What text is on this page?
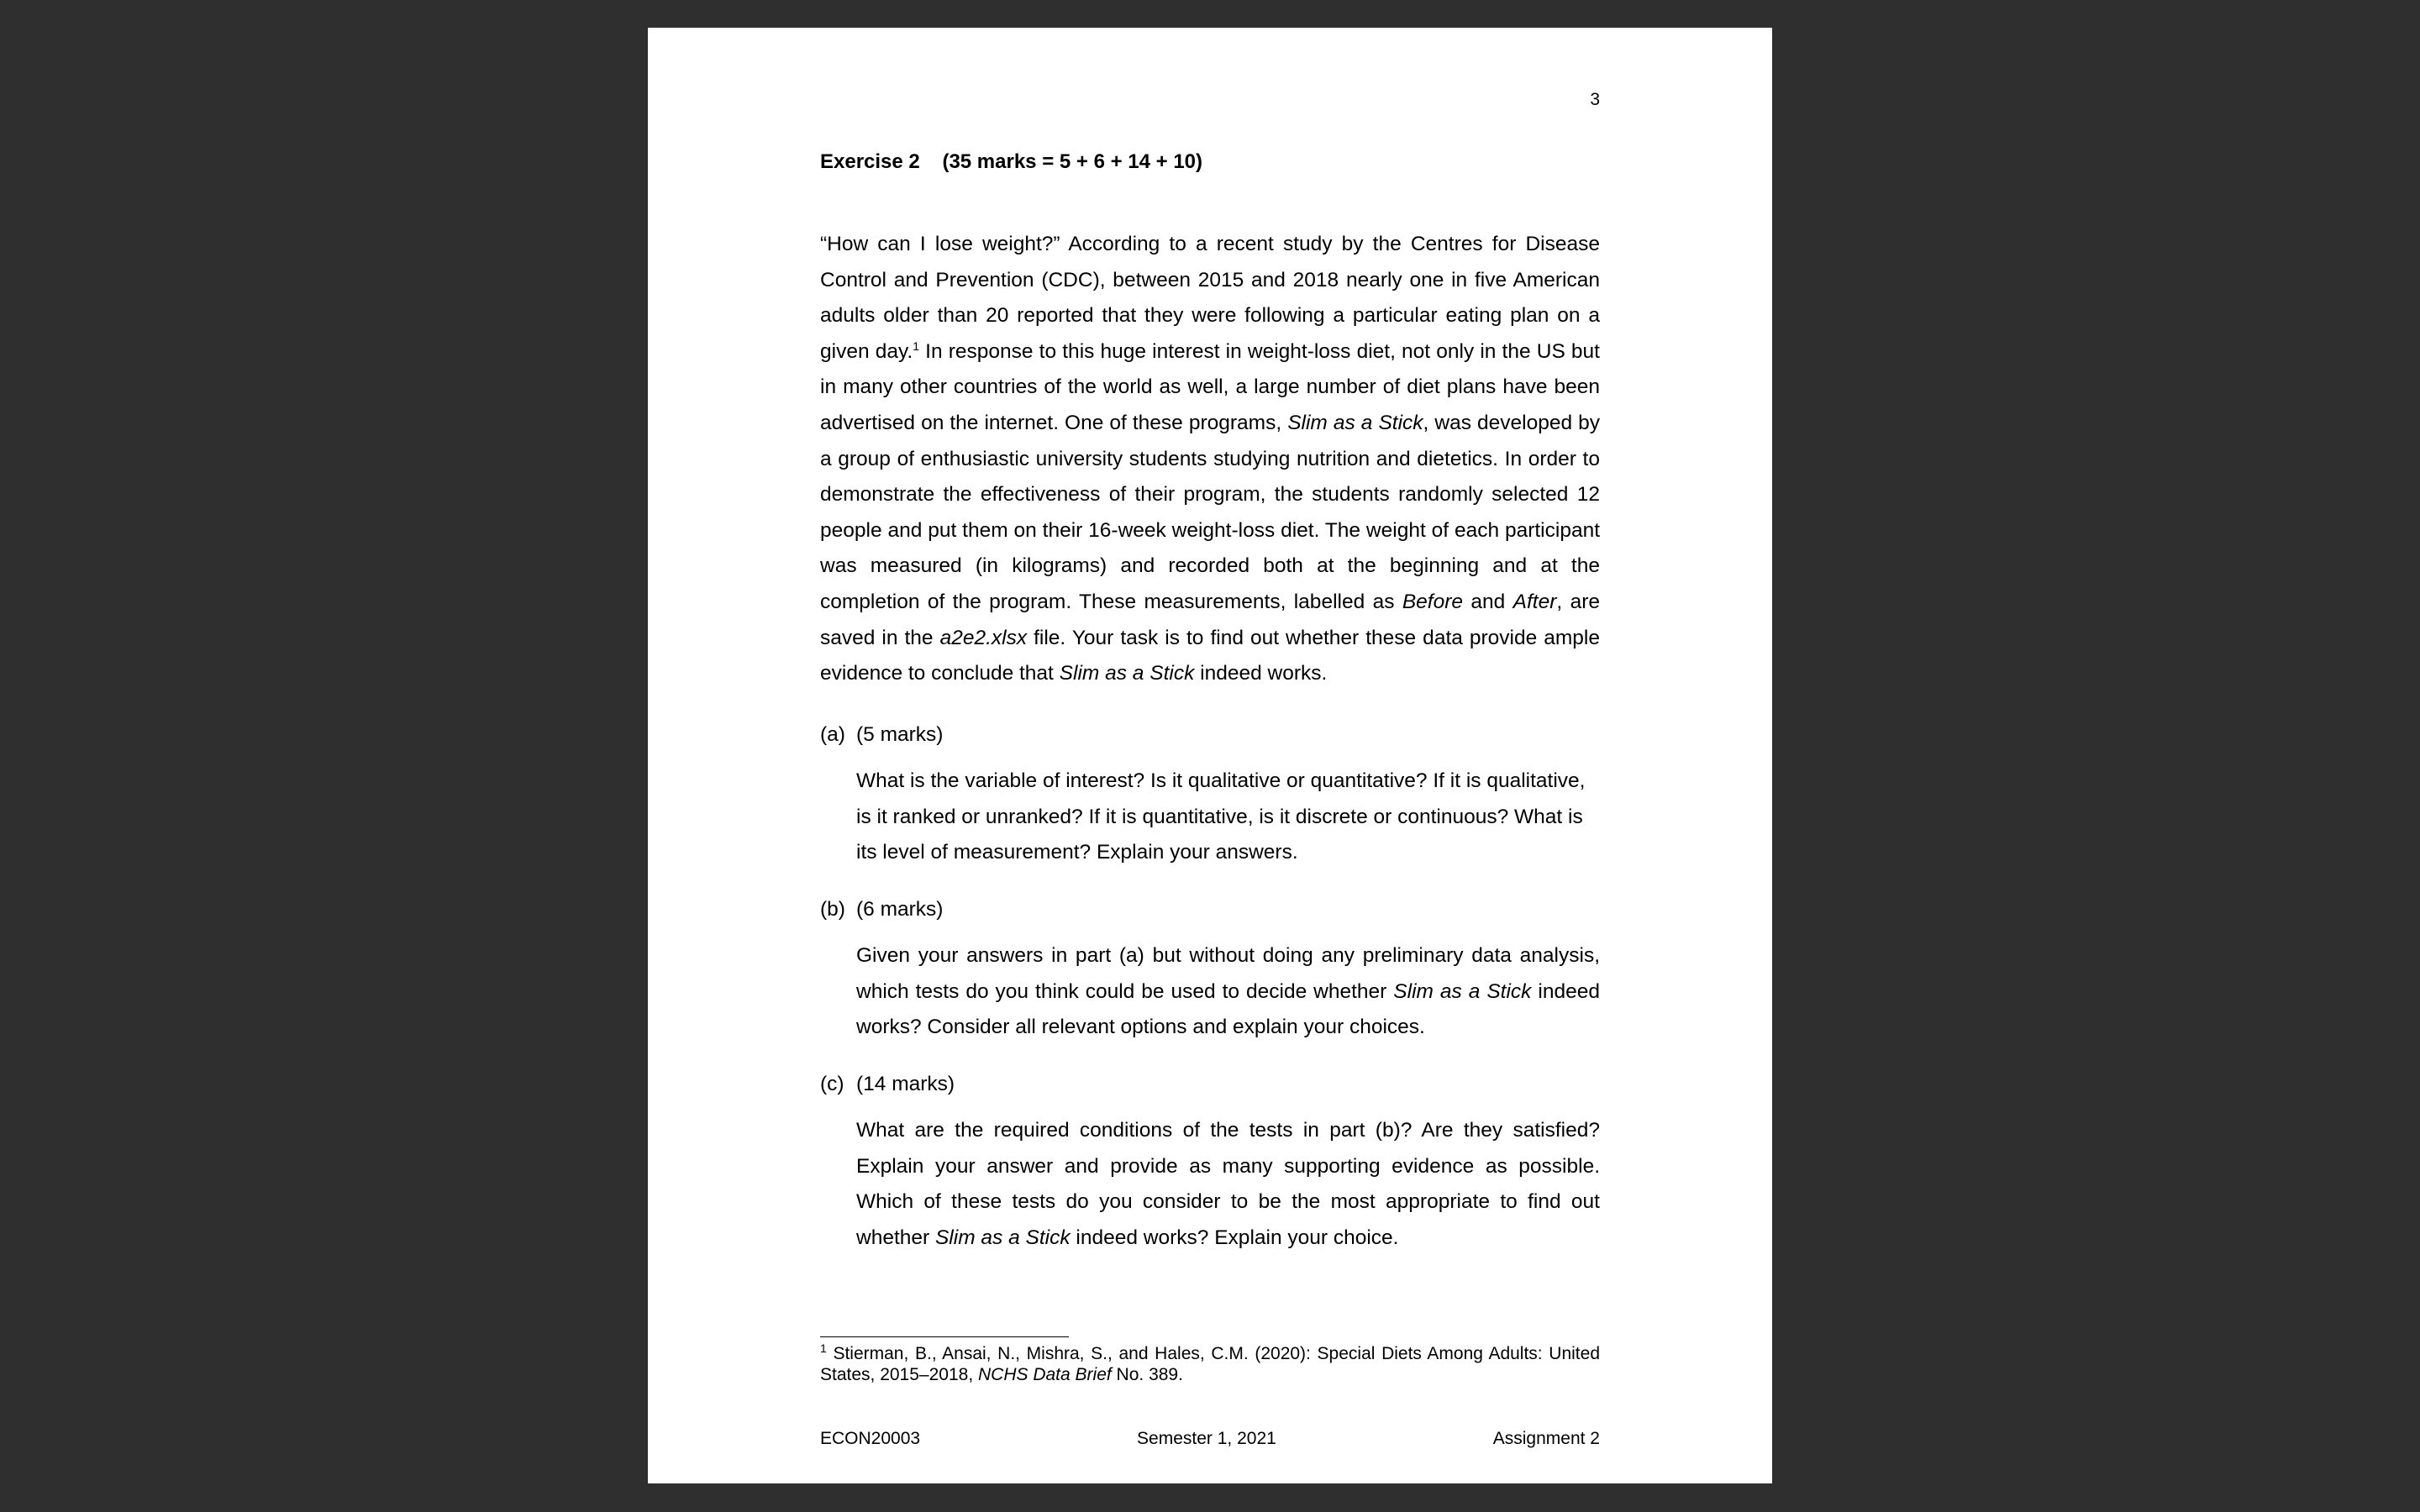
3
Exercise 2 (35 marks = 5 + 6 + 14 + 10)

“How can I lose weight?” According to a recent study by the Centres for Disease Control and Prevention (CDC), between 2015 and 2018 nearly one in five American adults older than 20 reported that they were following a particular eating plan on a given day.$^1$ In response to this huge interest in weight-loss diet, not only in the US but in many other countries of the world as well, a large number of diet plans have been advertised on the internet. One of these programs, Slim as a Stick, was developed by a group of enthusiastic university students studying nutrition and dietetics. In order to demonstrate the effectiveness of their program, the students randomly selected 12 people and put them on their 16-week weight-loss diet. The weight of each participant was measured (in kilograms) and recorded both at the beginning and at the completion of the program. These measurements, labelled as Before and After, are saved in the a2e2.xlsx file. Your task is to find out whether these data provide ample evidence to conclude that Slim as a Stick indeed works.

(a) (5 marks)

What is the variable of interest? Is it qualitative or quantitative? If it is qualitative, is it ranked or unranked? If it is quantitative, is it discrete or continuous? What is its level of measurement? Explain your answers.

(b) (6 marks)

Given your answers in part (a) but without doing any preliminary data analysis, which tests do you think could be used to decide whether Slim as a Stick indeed works? Consider all relevant options and explain your choices.

(c) (14 marks)

What are the required conditions of the tests in part (b)? Are they satisfied? Explain your answer and provide as many supporting evidence as possible. Which of these tests do you consider to be the most appropriate to find out whether Slim as a Stick indeed works? Explain your choice.

$^1$ Stierman, B., Ansai, N., Mishra, S., and Hales, C.M. (2020): Special Diets Among Adults: United States, 2015–2018, NCHS Data Brief No. 389.

ECON20003	Semester 1, 2021	Assignment 2
